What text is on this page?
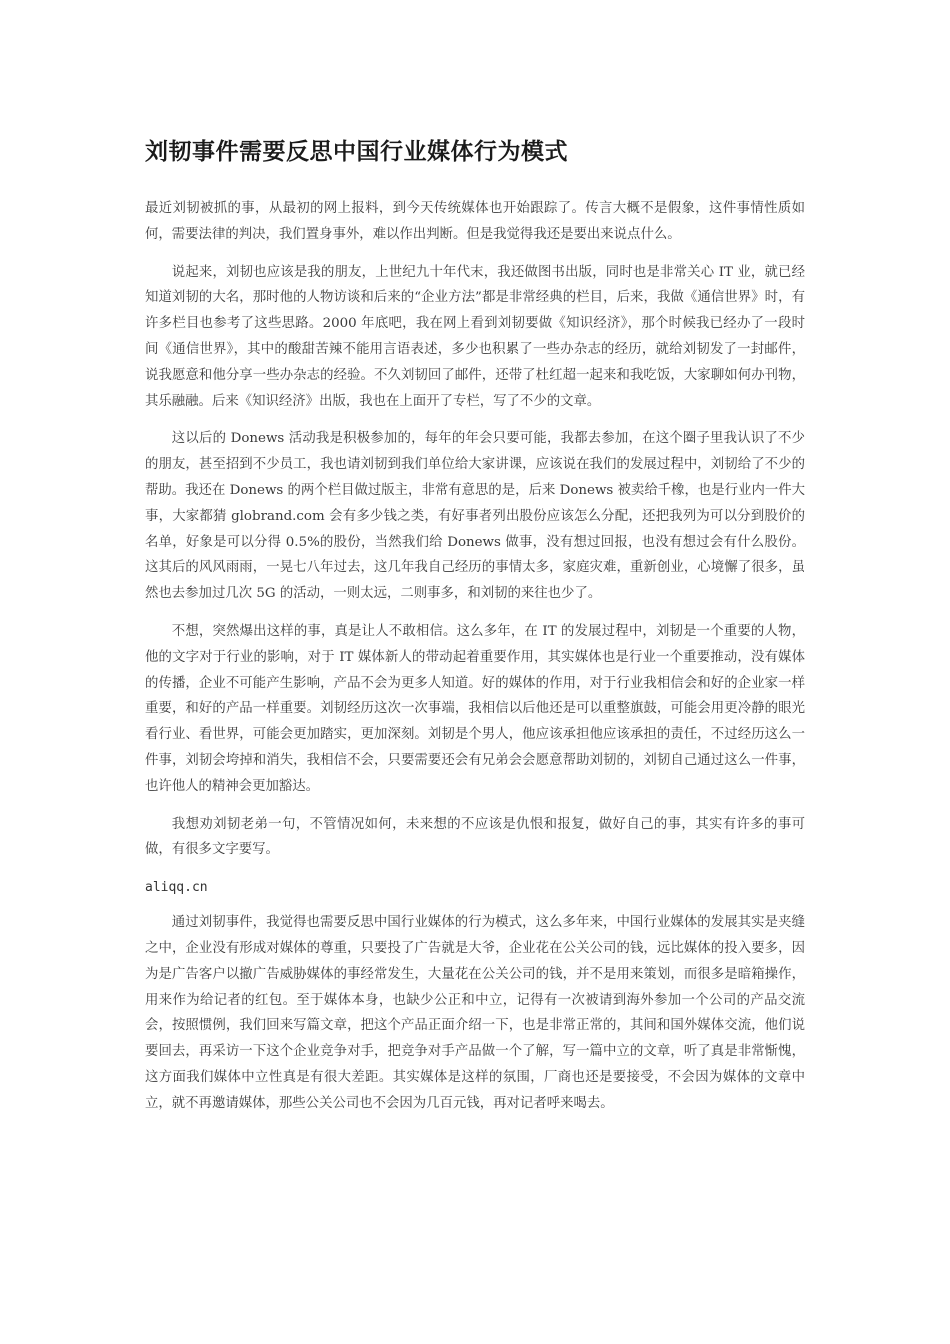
刘韧事件需要反思中国行业媒体行为模式

最近刘韧被抓的事，从最初的网上报料，到今天传统媒体也开始跟踪了。传言大概不是假象，这件事情性质如何，需要法律的判决，我们置身事外，难以作出判断。但是我觉得我还是要出来说点什么。

说起来，刘韧也应该是我的朋友，上世纪九十年代末，我还做图书出版，同时也是非常关心 IT 业，就已经知道刘韧的大名，那时他的人物访谈和后来的“企业方法”都是非常经典的栏目，后来，我做《通信世界》时，有许多栏目也参考了这些思路。2000 年底吧，我在网上看到刘韧要做《知识经济》，那个时候我已经办了一段时间《通信世界》，其中的酸甜苦辣不能用言语表述，多少也积累了一些办杂志的经历，就给刘韧发了一封邮件，说我愿意和他分享一些办杂志的经验。不久刘韧回了邮件，还带了杜红超一起来和我吃饭，大家聊如何办刊物，其乐融融。后来《知识经济》出版，我也在上面开了专栏，写了不少的文章。

这以后的 Donews 活动我是积极参加的，每年的年会只要可能，我都去参加，在这个圈子里我认识了不少的朋友，甚至招到不少员工，我也请刘韧到我们单位给大家讲课，应该说在我们的发展过程中，刘韧给了不少的帮助。我还在 Donews 的两个栏目做过版主，非常有意思的是，后来 Donews 被卖给千橡，也是行业内一件大事，大家都猜 globrand.com 会有多少钱之类，有好事者列出股份应该怎么分配，还把我列为可以分到股价的名单，好象是可以分得 0.5%的股份，当然我们给 Donews 做事，没有想过回报，也没有想过会有什么股份。这其后的风风雨雨，一晃七八年过去，这几年我自己经历的事情太多，家庭灾难，重新创业，心境懈了很多，虽然也去参加过几次 5G 的活动，一则太远，二则事多，和刘韧的来往也少了。

不想，突然爆出这样的事，真是让人不敢相信。这么多年，在 IT 的发展过程中，刘韧是一个重要的人物，他的文字对于行业的影响，对于 IT 媒体新人的带动起着重要作用，其实媒体也是行业一个重要推动，没有媒体的传播，企业不可能产生影响，产品不会为更多人知道。好的媒体的作用，对于行业我相信会和好的企业家一样重要，和好的产品一样重要。刘韧经历这次一次事端，我相信以后他还是可以重整旗鼓，可能会用更冷静的眼光看行业、看世界，可能会更加踏实，更加深刻。刘韧是个男人，他应该承担他应该承担的责任，不过经历这么一件事，刘韧会垮掉和消失，我相信不会，只要需要还会有兄弟会会愿意帮助刘韧的，刘韧自己通过这么一件事，也许他人的精神会更加豁达。

我想劝刘韧老弟一句，不管情况如何，未来想的不应该是仇恨和报复，做好自己的事，其实有许多的事可做，有很多文字要写。

aliqq.cn

通过刘韧事件，我觉得也需要反思中国行业媒体的行为模式，这么多年来，中国行业媒体的发展其实是夹缝之中，企业没有形成对媒体的尊重，只要投了广告就是大爷，企业花在公关公司的钱，远比媒体的投入要多，因为是广告客户以撤广告威胁媒体的事经常发生，大量花在公关公司的钱，并不是用来策划，而很多是暗箱操作，用来作为给记者的红包。至于媒体本身，也缺少公正和中立，记得有一次被请到海外参加一个公司的产品交流会，按照惯例，我们回来写篇文章，把这个产品正面介绍一下，也是非常正常的，其间和国外媒体交流，他们说要回去，再采访一下这个企业竞争对手，把竞争对手产品做一个了解，写一篇中立的文章，听了真是非常惭愧，这方面我们媒体中立性真是有很大差距。其实媒体是这样的氛围，厂商也还是要接受，不会因为媒体的文章中立，就不再邀请媒体，那些公关公司也不会因为几百元钱，再对记者呼来喝去。
